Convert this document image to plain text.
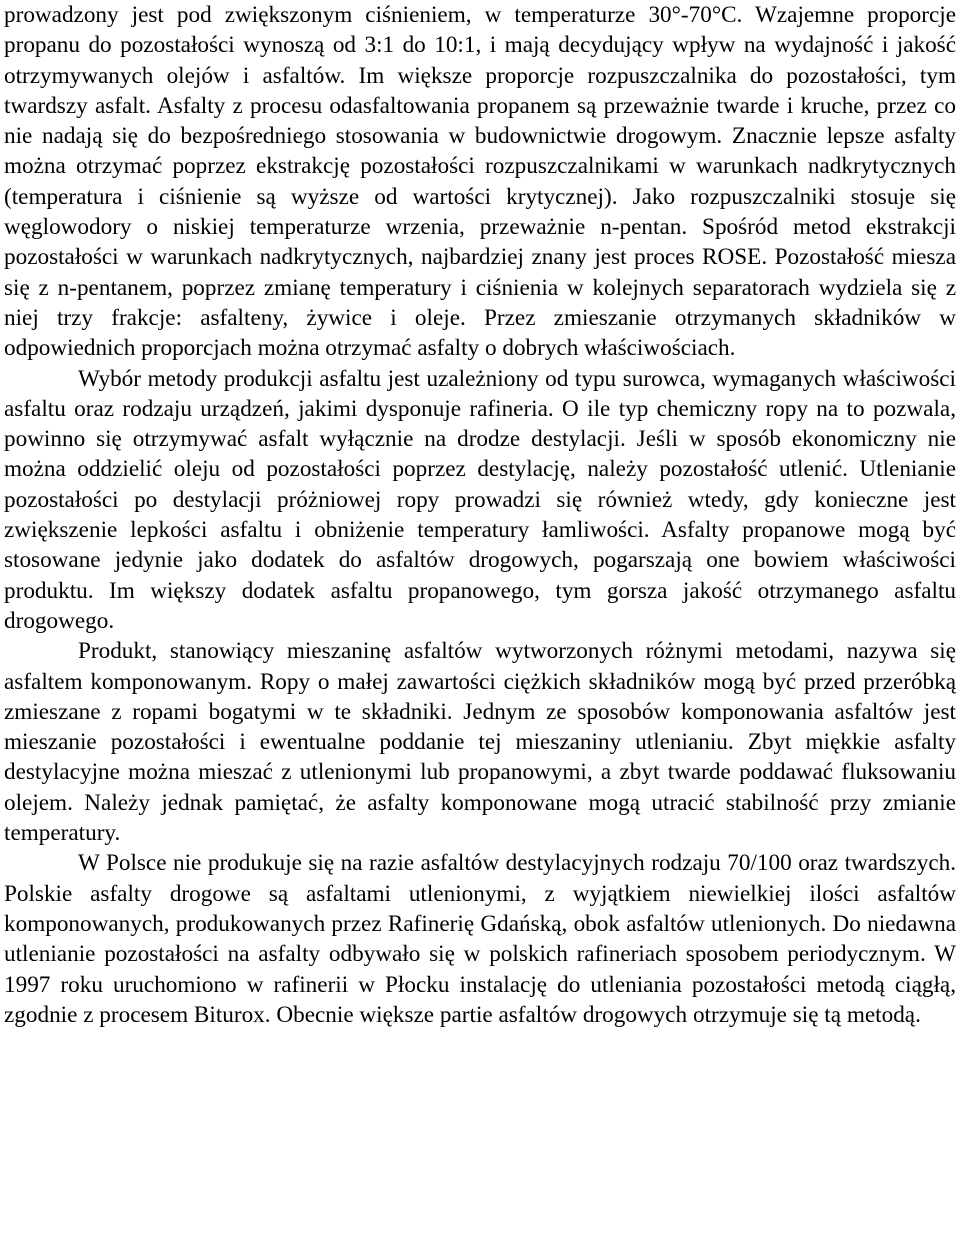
prowadzony jest pod zwiększonym ciśnieniem, w temperaturze 30°-70°C. Wzajemne proporcje propanu do pozostałości wynoszą od 3:1 do 10:1, i mają decydujący wpływ na wydajność i jakość otrzymywanych olejów i asfaltów. Im większe proporcje rozpuszczalnika do pozostałości, tym twardszy asfalt. Asfalty z procesu odasfaltowania propanem są przeważnie twarde i kruche, przez co nie nadają się do bezpośredniego stosowania w budownictwie drogowym. Znacznie lepsze asfalty można otrzymać poprzez ekstrakcję pozostałości rozpuszczalnikami w warunkach nadkrytycznych (temperatura i ciśnienie są wyższe od wartości krytycznej). Jako rozpuszczalniki stosuje się węglowodory o niskiej temperaturze wrzenia, przeważnie n-pentan. Spośród metod ekstrakcji pozostałości w warunkach nadkrytycznych, najbardziej znany jest proces ROSE. Pozostałość miesza się z n-pentanem, poprzez zmianę temperatury i ciśnienia w kolejnych separatorach wydziela się z niej trzy frakcje: asfalteny, żywice i oleje. Przez zmieszanie otrzymanych składników w odpowiednich proporcjach można otrzymać asfalty o dobrych właściwościach.

Wybór metody produkcji asfaltu jest uzależniony od typu surowca, wymaganych właściwości asfaltu oraz rodzaju urządzeń, jakimi dysponuje rafineria. O ile typ chemiczny ropy na to pozwala, powinno się otrzymywać asfalt wyłącznie na drodze destylacji. Jeśli w sposób ekonomiczny nie można oddzielić oleju od pozostałości poprzez destylację, należy pozostałość utlenić. Utlenianie pozostałości po destylacji próżniowej ropy prowadzi się również wtedy, gdy konieczne jest zwiększenie lepkości asfaltu i obniżenie temperatury łamliwości. Asfalty propanowe mogą być stosowane jedynie jako dodatek do asfaltów drogowych, pogarszają one bowiem właściwości produktu. Im większy dodatek asfaltu propanowego, tym gorsza jakość otrzymanego asfaltu drogowego.

Produkt, stanowiący mieszaninę asfaltów wytworzonych różnymi metodami, nazywa się asfaltem komponowanym. Ropy o małej zawartości ciężkich składników mogą być przed przeróbką zmieszane z ropami bogatymi w te składniki. Jednym ze sposobów komponowania asfaltów jest mieszanie pozostałości i ewentualne poddanie tej mieszaniny utlenianiu. Zbyt miękkie asfalty destylacyjne można mieszać z utlenionymi lub propanowymi, a zbyt twarde poddawać fluksowaniu olejem. Należy jednak pamiętać, że asfalty komponowane mogą utracić stabilność przy zmianie temperatury.

W Polsce nie produkuje się na razie asfaltów destylacyjnych rodzaju 70/100 oraz twardszych. Polskie asfalty drogowe są asfaltami utlenionymi, z wyjątkiem niewielkiej ilości asfaltów komponowanych, produkowanych przez Rafinerię Gdańską, obok asfaltów utlenionych. Do niedawna utlenianie pozostałości na asfalty odbywało się w polskich rafineriach sposobem periodycznym. W 1997 roku uruchomiono w rafinerii w Płocku instalację do utleniania pozostałości metodą ciągłą, zgodnie z procesem Biturox. Obecnie większe partie asfaltów drogowych otrzymuje się tą metodą.
